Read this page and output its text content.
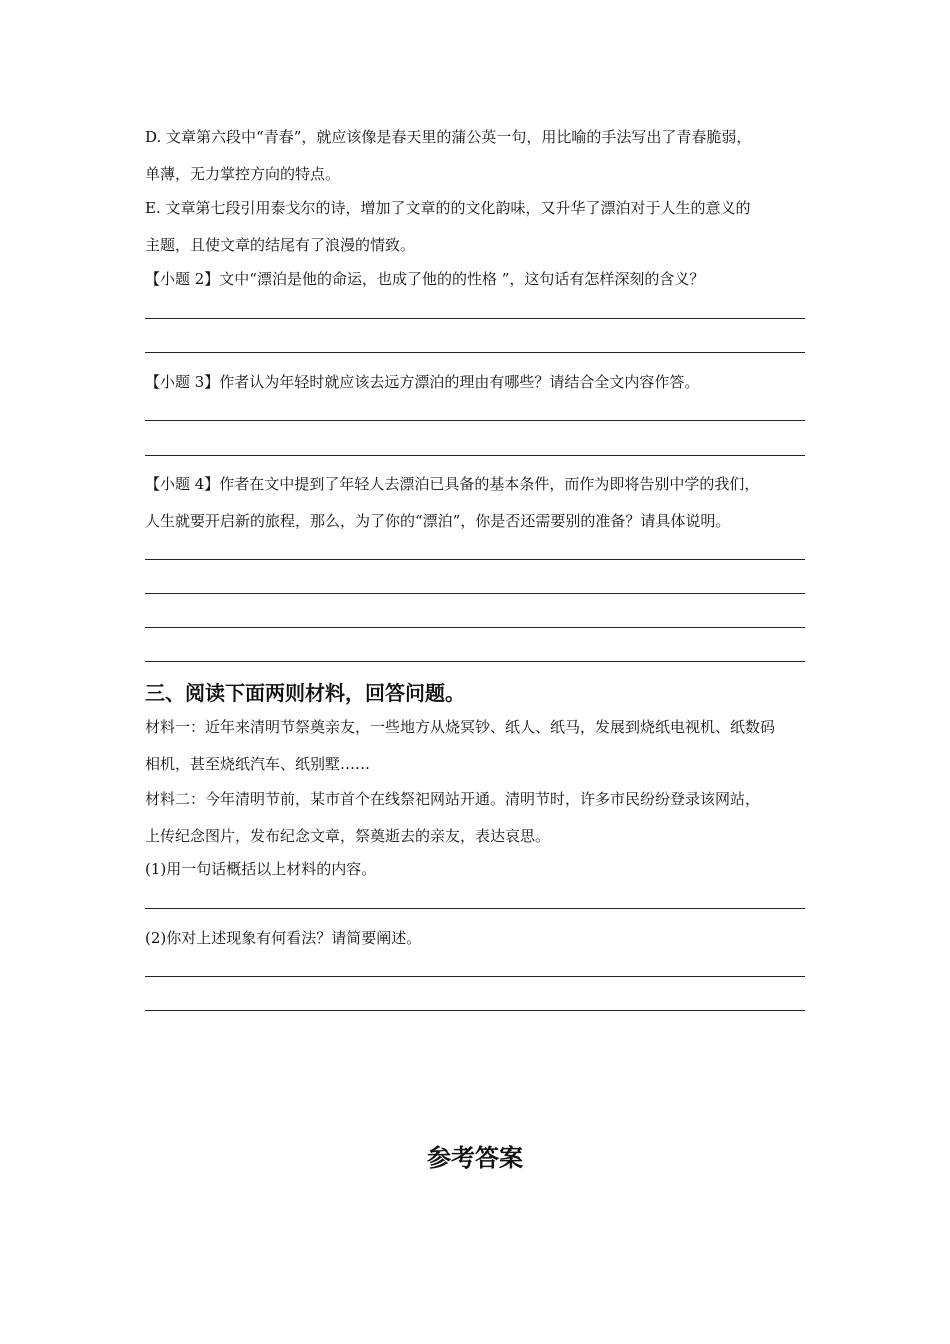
D. 文章第六段中“青春”，就应该像是春天里的蒲公英一句，用比喻的手法写出了青春脆弱，
单薄，无力掌控方向的特点。
E. 文章第七段引用泰戈尔的诗，增加了文章的的文化韵味，又升华了漂泊对于人生的意义的
主题，且使文章的结尾有了浪漫的情致。
【小题 2】文中“漂泊是他的命运，也成了他的的性格 ”，这句话有怎样深刻的含义？
【小题 3】作者认为年轻时就应该去远方漂泊的理由有哪些？请结合全文内容作答。
【小题 4】作者在文中提到了年轻人去漂泊已具备的基本条件，而作为即将告别中学的我们，
人生就要开启新的旅程，那么，为了你的“漂泊”，你是否还需要别的准备？请具体说明。
三、阅读下面两则材料，回答问题。
材料一：近年来清明节祭奠亲友，一些地方从烧冥钞、纸人、纸马，发展到烧纸电视机、纸数码
相机，甚至烧纸汽车、纸别墅……
材料二：今年清明节前，某市首个在线祭祀网站开通。清明节时，许多市民纷纷登录该网站，
上传纪念图片，发布纪念文章，祭奠逝去的亲友，表达哀思。
(1)用一句话概括以上材料的内容。
(2)你对上述现象有何看法？请简要阐述。
参考答案
